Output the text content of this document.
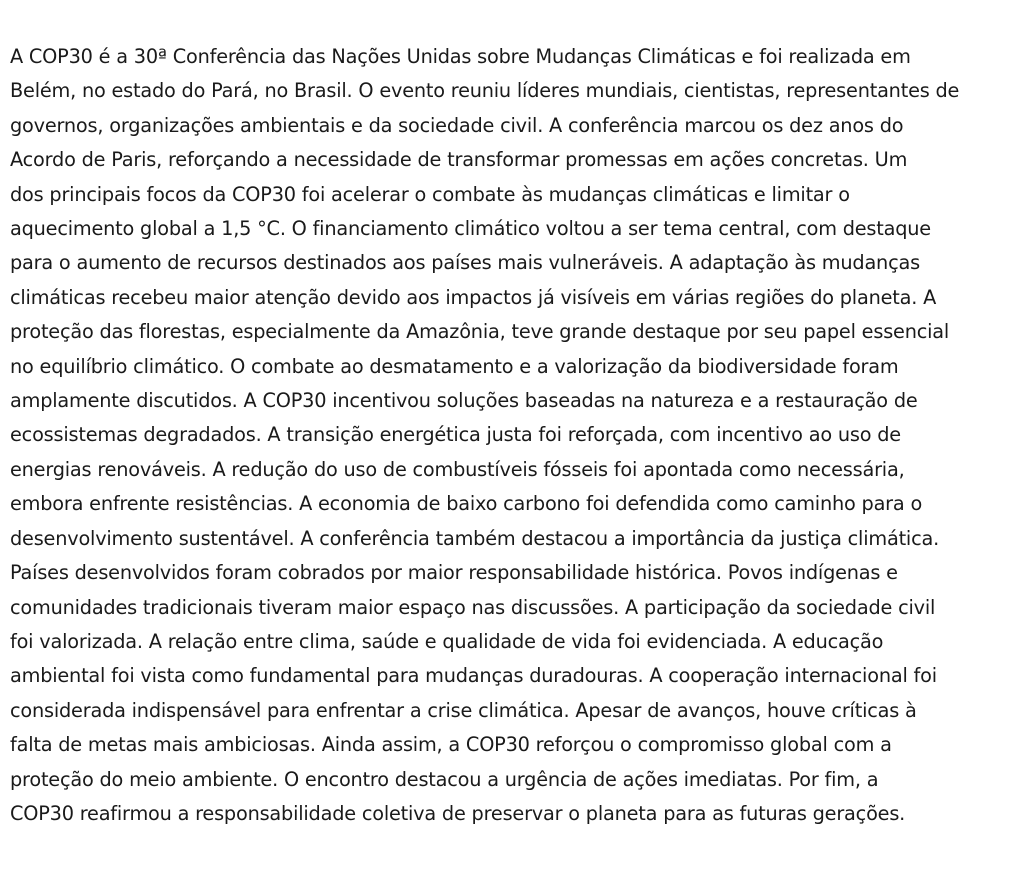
A COP30 é a 30ª Conferência das Nações Unidas sobre Mudanças Climáticas e foi realizada em
Belém, no estado do Pará, no Brasil. O evento reuniu líderes mundiais, cientistas, representantes de
governos, organizações ambientais e da sociedade civil. A conferência marcou os dez anos do
Acordo de Paris, reforçando a necessidade de transformar promessas em ações concretas. Um
dos principais focos da COP30 foi acelerar o combate às mudanças climáticas e limitar o
aquecimento global a 1,5 °C. O financiamento climático voltou a ser tema central, com destaque
para o aumento de recursos destinados aos países mais vulneráveis. A adaptação às mudanças
climáticas recebeu maior atenção devido aos impactos já visíveis em várias regiões do planeta. A
proteção das florestas, especialmente da Amazônia, teve grande destaque por seu papel essencial
no equilíbrio climático. O combate ao desmatamento e a valorização da biodiversidade foram
amplamente discutidos. A COP30 incentivou soluções baseadas na natureza e a restauração de
ecossistemas degradados. A transição energética justa foi reforçada, com incentivo ao uso de
energias renováveis. A redução do uso de combustíveis fósseis foi apontada como necessária,
embora enfrente resistências. A economia de baixo carbono foi defendida como caminho para o
desenvolvimento sustentável. A conferência também destacou a importância da justiça climática.
Países desenvolvidos foram cobrados por maior responsabilidade histórica. Povos indígenas e
comunidades tradicionais tiveram maior espaço nas discussões. A participação da sociedade civil
foi valorizada. A relação entre clima, saúde e qualidade de vida foi evidenciada. A educação
ambiental foi vista como fundamental para mudanças duradouras. A cooperação internacional foi
considerada indispensável para enfrentar a crise climática. Apesar de avanços, houve críticas à
falta de metas mais ambiciosas. Ainda assim, a COP30 reforçou o compromisso global com a
proteção do meio ambiente. O encontro destacou a urgência de ações imediatas. Por fim, a
COP30 reafirmou a responsabilidade coletiva de preservar o planeta para as futuras gerações.
